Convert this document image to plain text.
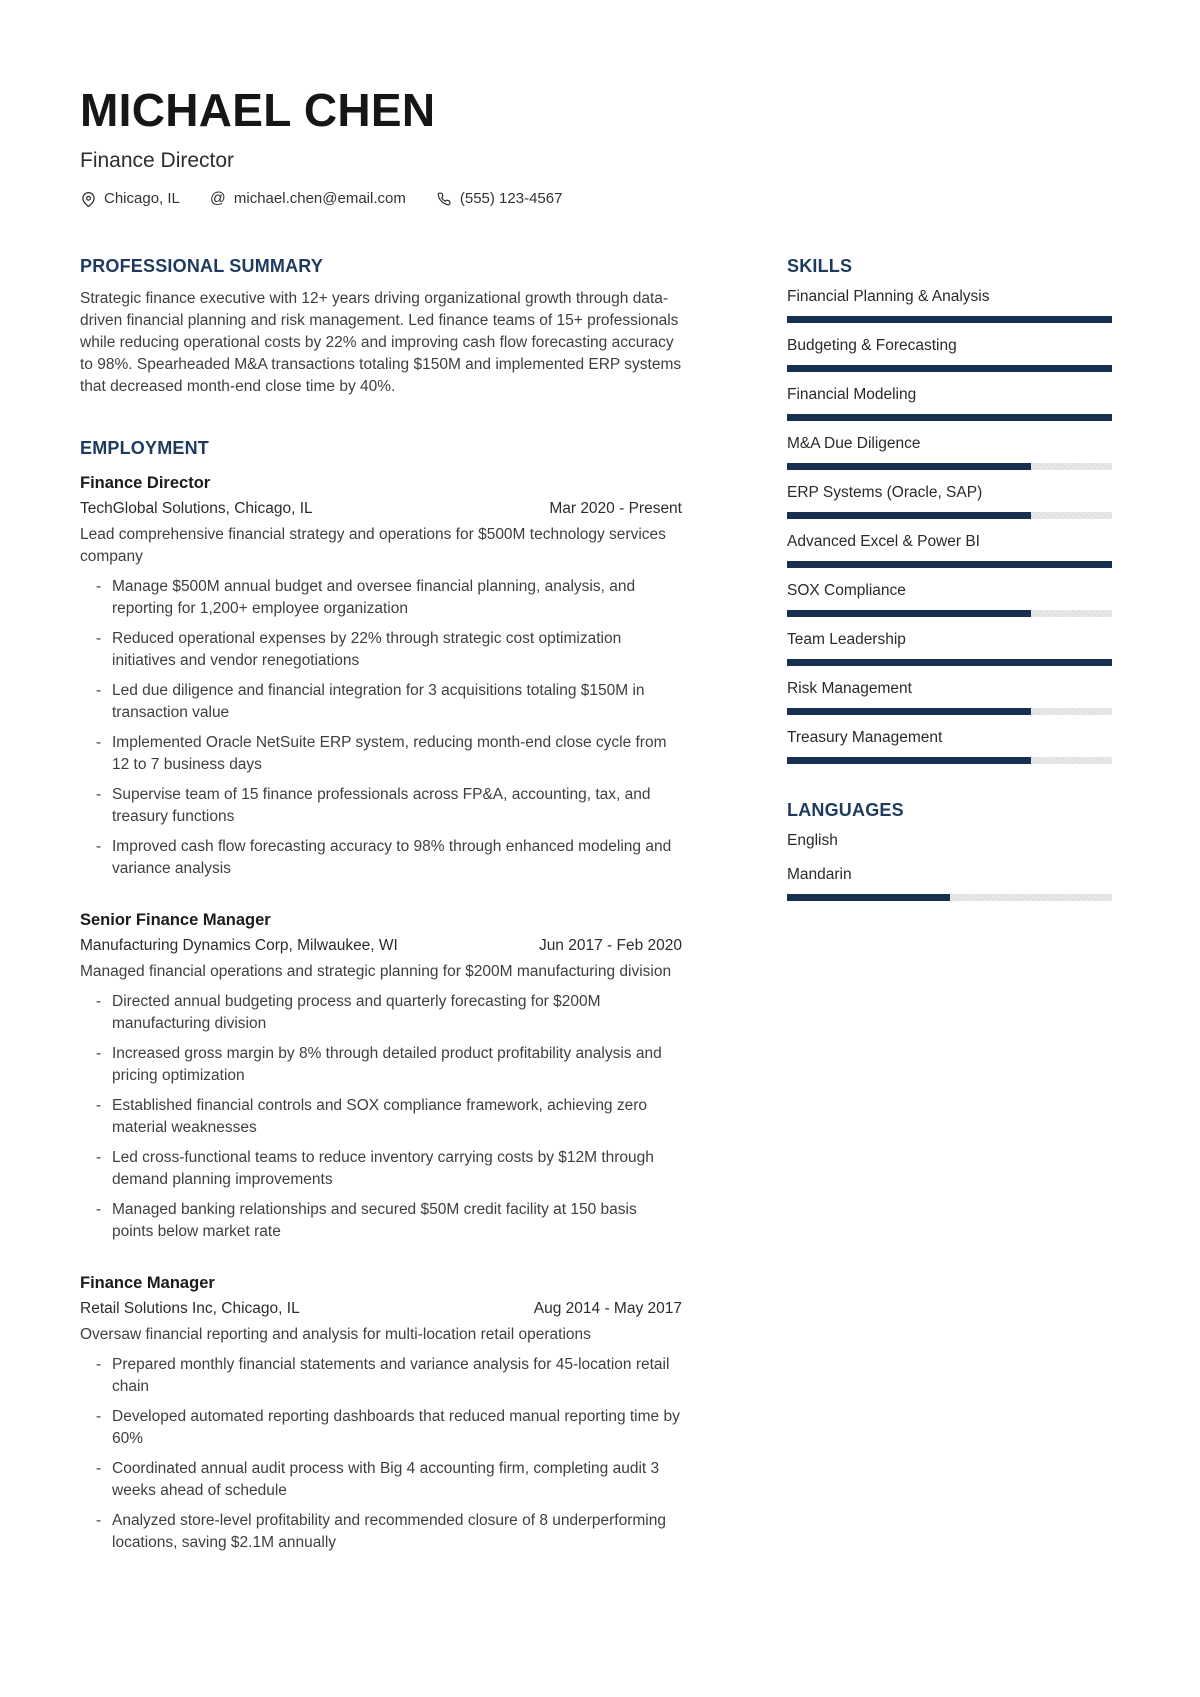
MICHAEL CHEN
Finance Director
Chicago, IL @ michael.chen@email.com	(555) 123-4567
PROFESSIONAL SUMMARY

Strategic finance executive with 12+ years driving organizational growth through data-driven financial planning and risk management. Led finance teams of 15+ professionals while reducing operational costs by 22% and improving cash flow forecasting accuracy to 98%. Spearheaded M&A transactions totaling $150M and implemented ERP systems that decreased month-end close time by 40%.

EMPLOYMENT
Finance Director
TechGlobal Solutions, Chicago, IL	Mar 2020 - Present

Lead comprehensive financial strategy and operations for $500M technology services company

- Manage $500M annual budget and oversee financial planning, analysis, and reporting for 1,200+ employee organization
- Reduced operational expenses by 22% through strategic cost optimization initiatives and vendor renegotiations
- Led due diligence and financial integration for 3 acquisitions totaling $150M in transaction value
- Implemented Oracle NetSuite ERP system, reducing month-end close cycle from 12 to 7 business days
- Supervise team of 15 finance professionals across FP&A, accounting, tax, and treasury functions
- Improved cash flow forecasting accuracy to 98% through enhanced modeling and variance analysis
Senior Finance Manager
Manufacturing Dynamics Corp, Milwaukee, WI	Jun 2017 - Feb 2020

Managed financial operations and strategic planning for $200M manufacturing division

- Directed annual budgeting process and quarterly forecasting for $200M manufacturing division
- Increased gross margin by 8% through detailed product profitability analysis and pricing optimization
- Established financial controls and SOX compliance framework, achieving zero material weaknesses
- Led cross-functional teams to reduce inventory carrying costs by $12M through demand planning improvements
- Managed banking relationships and secured $50M credit facility at 150 basis points below market rate
Finance Manager
Retail Solutions Inc, Chicago, IL	Aug 2014 - May 2017

Oversaw financial reporting and analysis for multi-location retail operations

- Prepared monthly financial statements and variance analysis for 45-location retail chain
- Developed automated reporting dashboards that reduced manual reporting time by 60%
- Coordinated annual audit process with Big 4 accounting firm, completing audit 3 weeks ahead of schedule
- Analyzed store-level profitability and recommended closure of 8 underperforming locations, saving $2.1M annually
SKILLS
Financial Planning & Analysis
Budgeting & Forecasting
Financial Modeling
M&A Due Diligence
ERP Systems (Oracle, SAP)
Advanced Excel & Power BI
SOX Compliance
Team Leadership
Risk Management
Treasury Management
LANGUAGES
English
Mandarin
